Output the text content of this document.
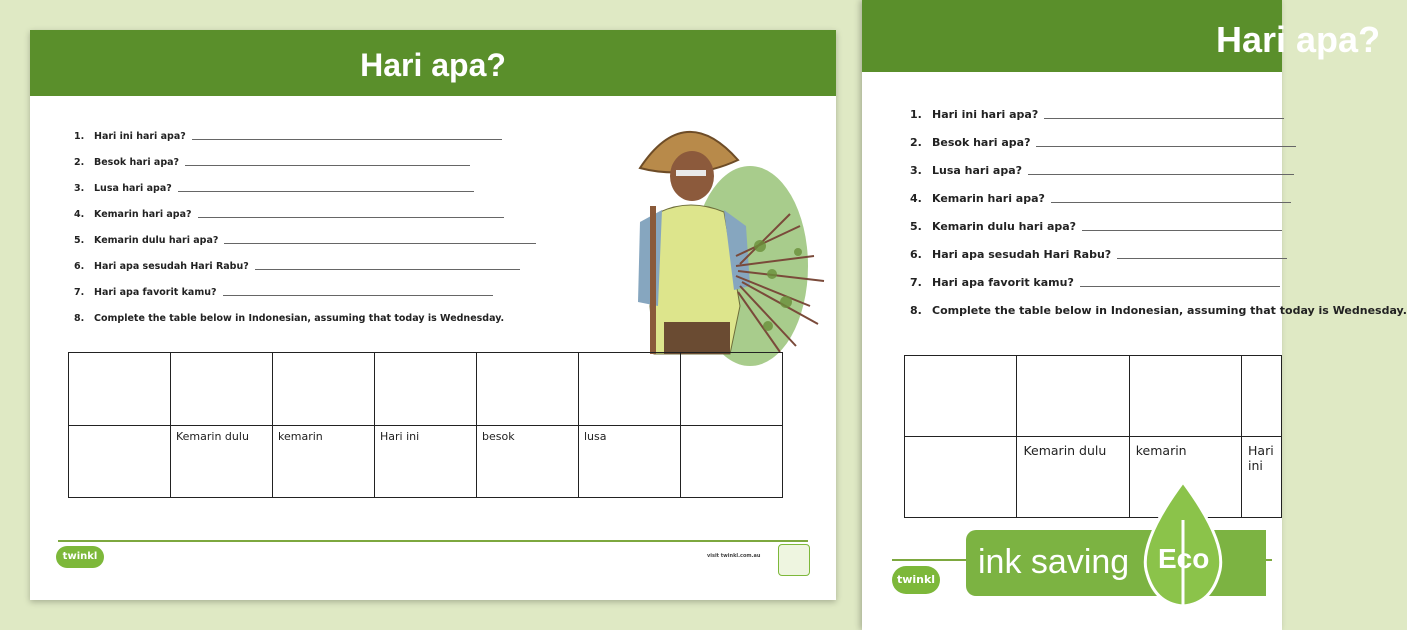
Hari apa?
1.	Hari ini hari apa?
2.	Besok hari apa?
3.	Lusa hari apa?
4.	Kemarin hari apa?
5.	Kemarin dulu hari apa?
6.	Hari apa sesudah Hari Rabu?
7.	Hari apa favorit kamu?
8.	Complete the table below in Indonesian, assuming that today is Wednesday.

	Kemarin dulu	kemarin	Hari ini	besok	lusa	
twinkl	visit twinkl.com.au
Hari apa?
1. Hari ini hari apa?
2. Besok hari apa?
3. Lusa hari apa?
4. Kemarin hari apa?
5. Kemarin dulu hari apa?
6. Hari apa sesudah Hari Rabu?
7. Hari apa favorit kamu?
8. Complete the table below in Indonesian, assuming that today is Wednesday.

	Kemarin dulu	kemarin	Hari ini
twinkl ink saving Eco
